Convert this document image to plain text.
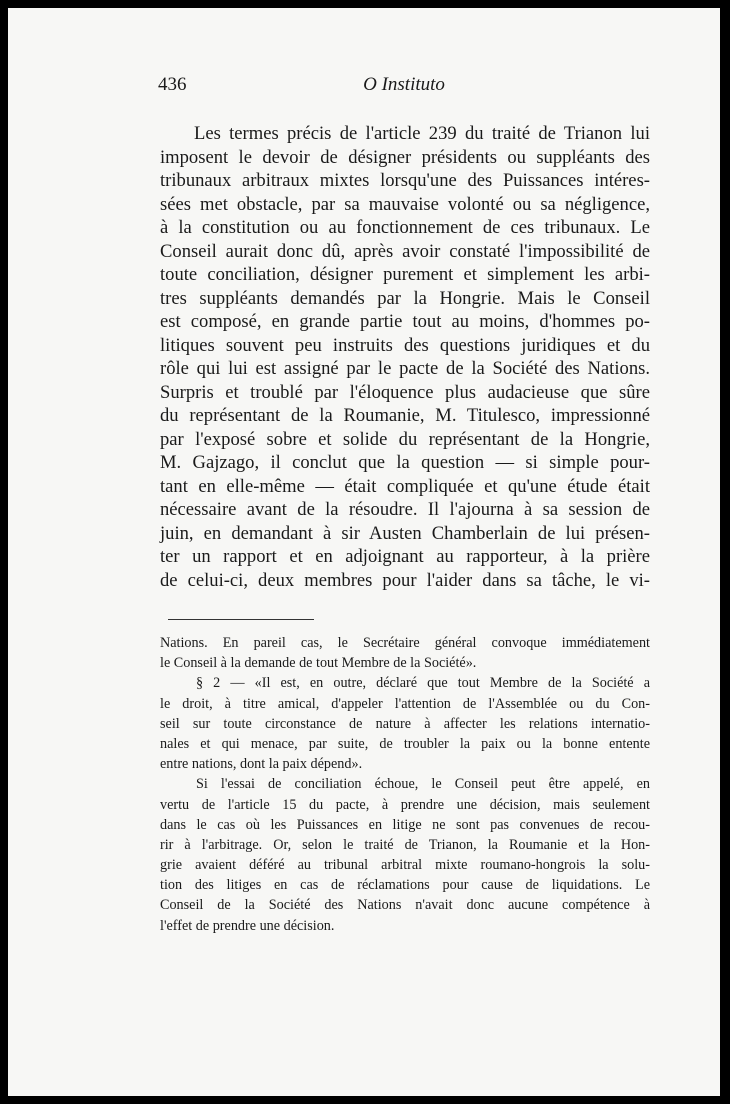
436	O Instituto
Les termes précis de l'article 239 du traité de Trianon lui
imposent le devoir de désigner présidents ou suppléants des
tribunaux arbitraux mixtes lorsqu'une des Puissances intéres-
sées met obstacle, par sa mauvaise volonté ou sa négligence,
à la constitution ou au fonctionnement de ces tribunaux. Le
Conseil aurait donc dû, après avoir constaté l'impossibilité de
toute conciliation, désigner purement et simplement les arbi-
tres suppléants demandés par la Hongrie. Mais le Conseil
est composé, en grande partie tout au moins, d'hommes po-
litiques souvent peu instruits des questions juridiques et du
rôle qui lui est assigné par le pacte de la Société des Nations.
Surpris et troublé par l'éloquence plus audacieuse que sûre
du représentant de la Roumanie, M. Titulesco, impressionné
par l'exposé sobre et solide du représentant de la Hongrie,
M. Gajzago, il conclut que la question — si simple pour-
tant en elle-même — était compliquée et qu'une étude était
nécessaire avant de la résoudre. Il l'ajourna à sa session de
juin, en demandant à sir Austen Chamberlain de lui présen-
ter un rapport et en adjoignant au rapporteur, à la prière
de celui-ci, deux membres pour l'aider dans sa tâche, le vi-
Nations. En pareil cas, le Secrétaire général convoque immédiatement
le Conseil à la demande de tout Membre de la Société».
§ 2 — «Il est, en outre, déclaré que tout Membre de la Société a
le droit, à titre amical, d'appeler l'attention de l'Assemblée ou du Con-
seil sur toute circonstance de nature à affecter les relations internatio-
nales et qui menace, par suite, de troubler la paix ou la bonne entente
entre nations, dont la paix dépend».
Si l'essai de conciliation échoue, le Conseil peut être appelé, en
vertu de l'article 15 du pacte, à prendre une décision, mais seulement
dans le cas où les Puissances en litige ne sont pas convenues de recou-
rir à l'arbitrage. Or, selon le traité de Trianon, la Roumanie et la Hon-
grie avaient déféré au tribunal arbitral mixte roumano-hongrois la solu-
tion des litiges en cas de réclamations pour cause de liquidations. Le
Conseil de la Société des Nations n'avait donc aucune compétence à
l'effet de prendre une décision.
